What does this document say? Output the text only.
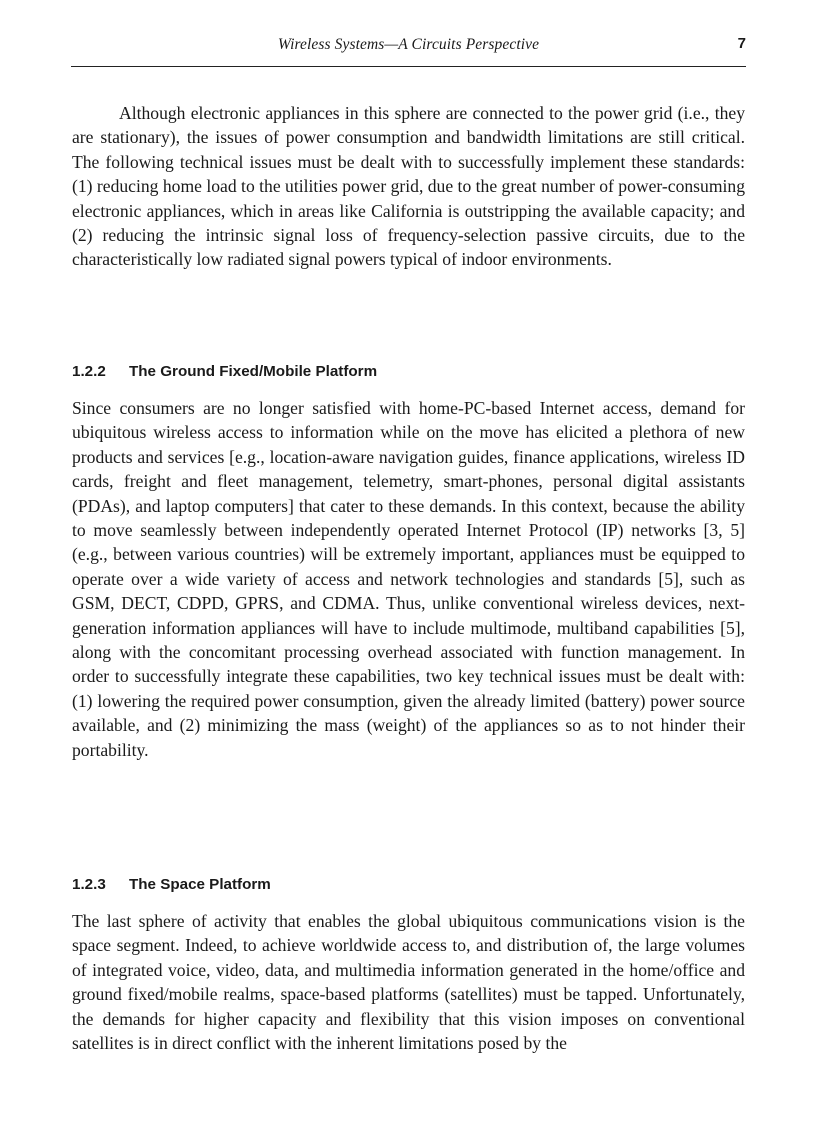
Wireless Systems—A Circuits Perspective	7

Although electronic appliances in this sphere are connected to the power grid (i.e., they are stationary), the issues of power consumption and bandwidth limitations are still critical. The following technical issues must be dealt with to successfully implement these standards: (1) reducing home load to the utilities power grid, due to the great number of power-consuming electronic appliances, which in areas like California is outstripping the available capacity; and (2) reducing the intrinsic signal loss of frequency-selection passive circuits, due to the characteristically low radiated signal powers typical of indoor environments.

1.2.2 The Ground Fixed/Mobile Platform

Since consumers are no longer satisfied with home-PC-based Internet access, demand for ubiquitous wireless access to information while on the move has elicited a plethora of new products and services [e.g., location-aware navigation guides, finance applications, wireless ID cards, freight and fleet management, telemetry, smart-phones, personal digital assistants (PDAs), and laptop computers] that cater to these demands. In this context, because the ability to move seamlessly between independently operated Internet Protocol (IP) networks [3, 5] (e.g., between various countries) will be extremely important, appliances must be equipped to operate over a wide variety of access and network technologies and standards [5], such as GSM, DECT, CDPD, GPRS, and CDMA. Thus, unlike conventional wireless devices, next-generation information appliances will have to include multimode, multiband capabilities [5], along with the concomitant processing overhead associated with function management. In order to successfully integrate these capabilities, two key technical issues must be dealt with: (1) lowering the required power consumption, given the already limited (battery) power source available, and (2) minimizing the mass (weight) of the appliances so as to not hinder their portability.

1.2.3 The Space Platform

The last sphere of activity that enables the global ubiquitous communications vision is the space segment. Indeed, to achieve worldwide access to, and distribution of, the large volumes of integrated voice, video, data, and multimedia information generated in the home/office and ground fixed/mobile realms, space-based platforms (satellites) must be tapped. Unfortunately, the demands for higher capacity and flexibility that this vision imposes on conventional satellites is in direct conflict with the inherent limitations posed by the
